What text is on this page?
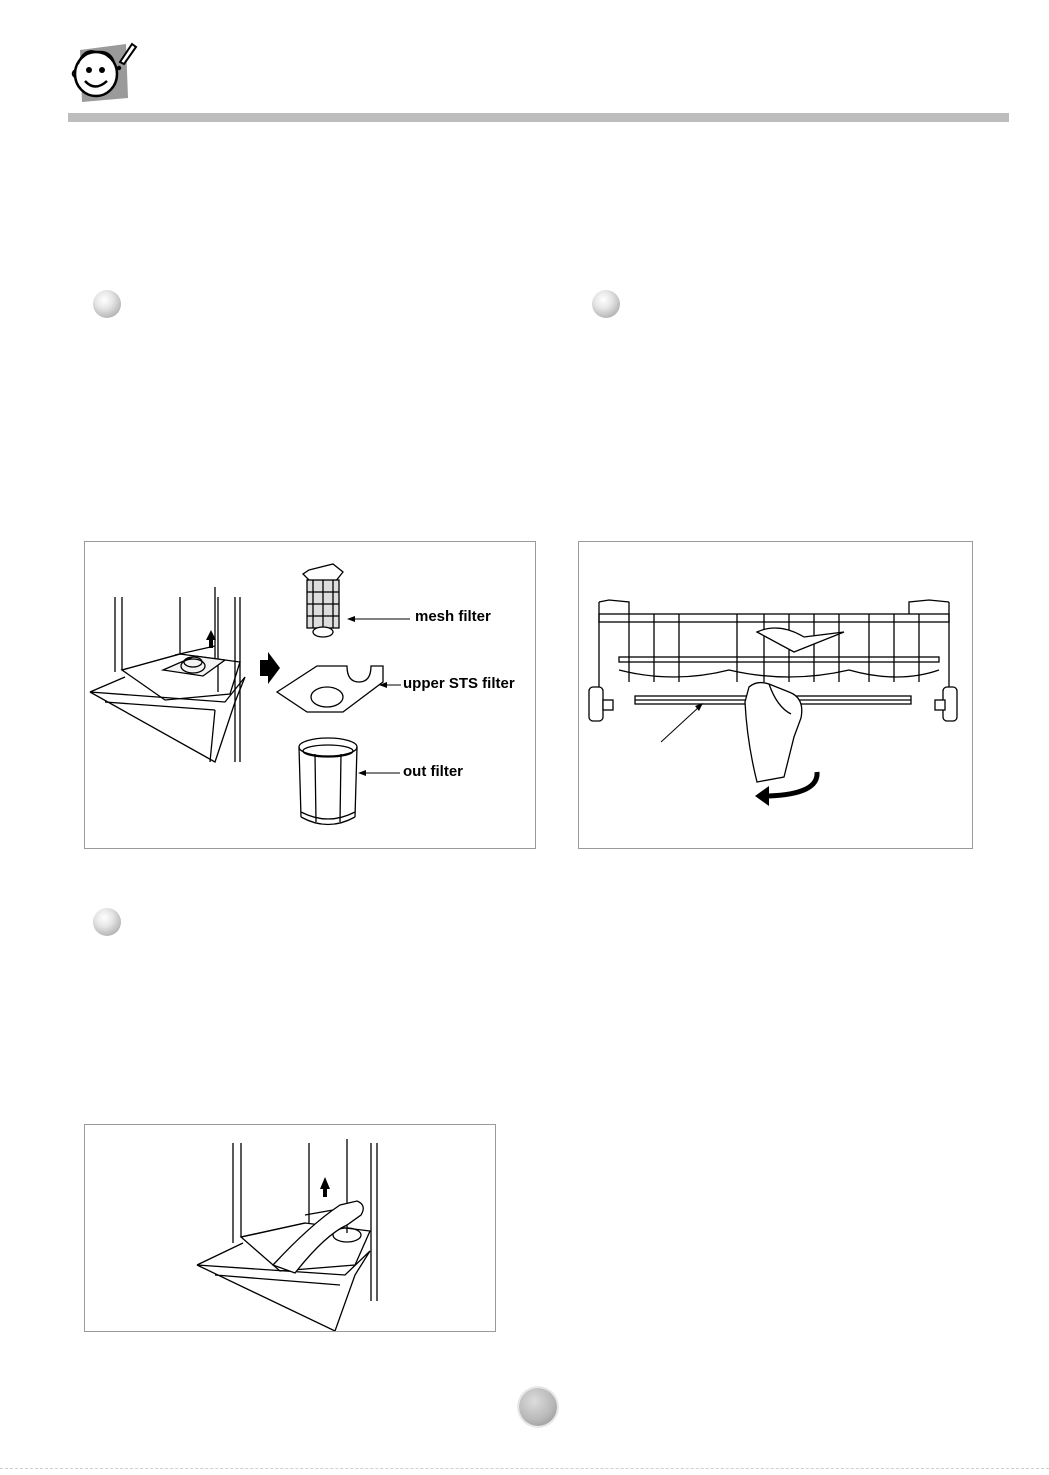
mesh filter
upper STS filter
out filter
